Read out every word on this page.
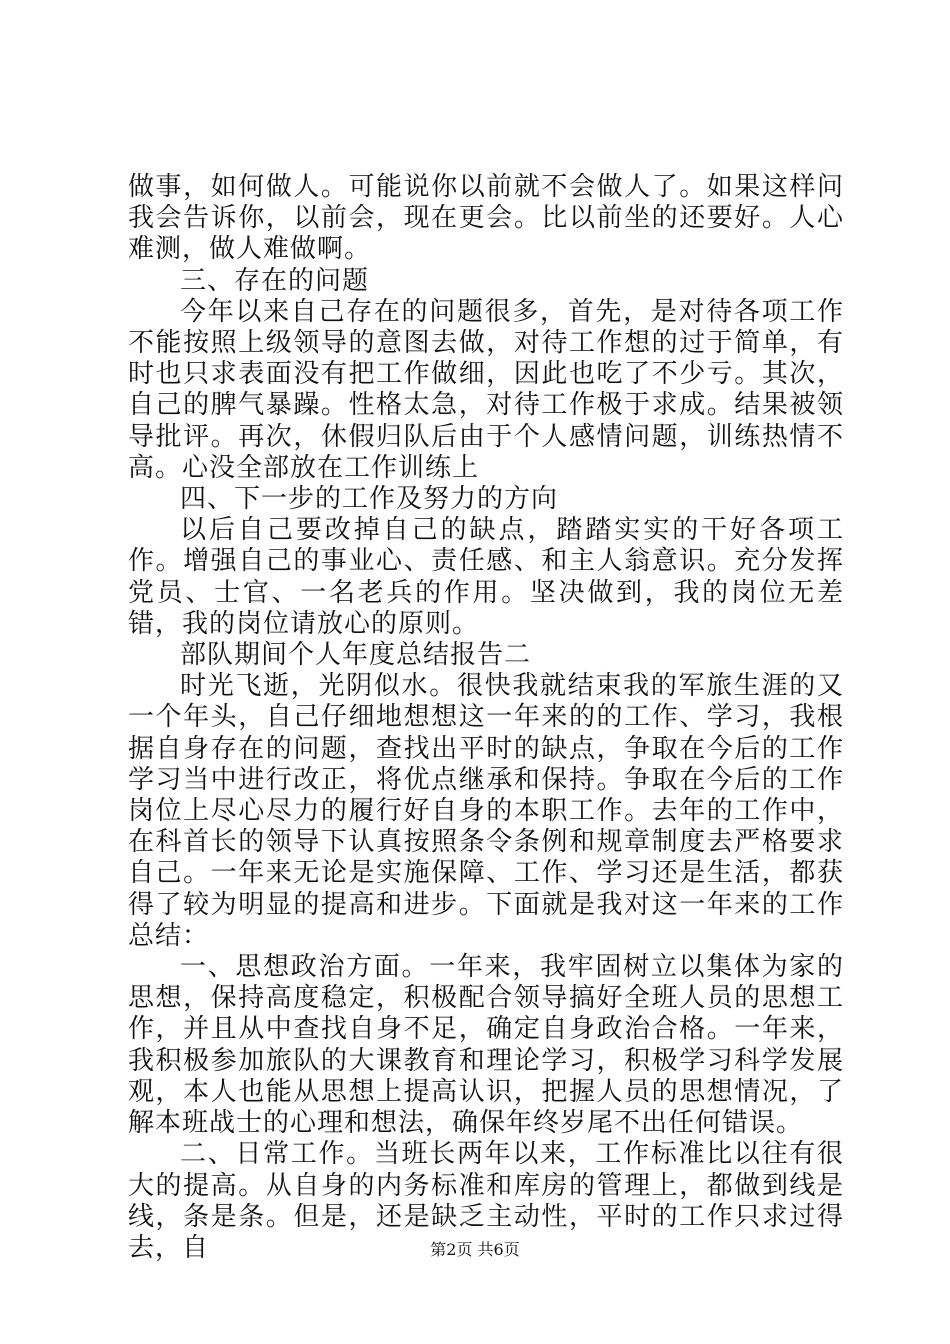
做事，如何做人。可能说你以前就不会做人了。如果这样问我会告诉你，以前会，现在更会。比以前坐的还要好。人心难测，做人难做啊。

三、存在的问题

今年以来自己存在的问题很多，首先，是对待各项工作不能按照上级领导的意图去做，对待工作想的过于简单，有时也只求表面没有把工作做细，因此也吃了不少亏。其次，自己的脾气暴躁。性格太急，对待工作极于求成。结果被领导批评。再次，休假归队后由于个人感情问题，训练热情不高。心没全部放在工作训练上

四、下一步的工作及努力的方向

以后自己要改掉自己的缺点，踏踏实实的干好各项工作。增强自己的事业心、责任感、和主人翁意识。充分发挥党员、士官、一名老兵的作用。坚决做到，我的岗位无差错，我的岗位请放心的原则。

部队期间个人年度总结报告二

时光飞逝，光阴似水。很快我就结束我的军旅生涯的又一个年头，自己仔细地想想这一年来的的工作、学习，我根据自身存在的问题，查找出平时的缺点，争取在今后的工作学习当中进行改正，将优点继承和保持。争取在今后的工作岗位上尽心尽力的履行好自身的本职工作。去年的工作中，在科首长的领导下认真按照条令条例和规章制度去严格要求自己。一年来无论是实施保障、工作、学习还是生活，都获得了较为明显的提高和进步。下面就是我对这一年来的工作总结：

一、思想政治方面。一年来，我牢固树立以集体为家的思想，保持高度稳定，积极配合领导搞好全班人员的思想工作，并且从中查找自身不足，确定自身政治合格。一年来，我积极参加旅队的大课教育和理论学习，积极学习科学发展观，本人也能从思想上提高认识，把握人员的思想情况，了解本班战士的心理和想法，确保年终岁尾不出任何错误。

二、日常工作。当班长两年以来，工作标准比以往有很大的提高。从自身的内务标准和库房的管理上，都做到线是线，条是条。但是，还是缺乏主动性，平时的工作只求过得去，自	第2页 共6页
